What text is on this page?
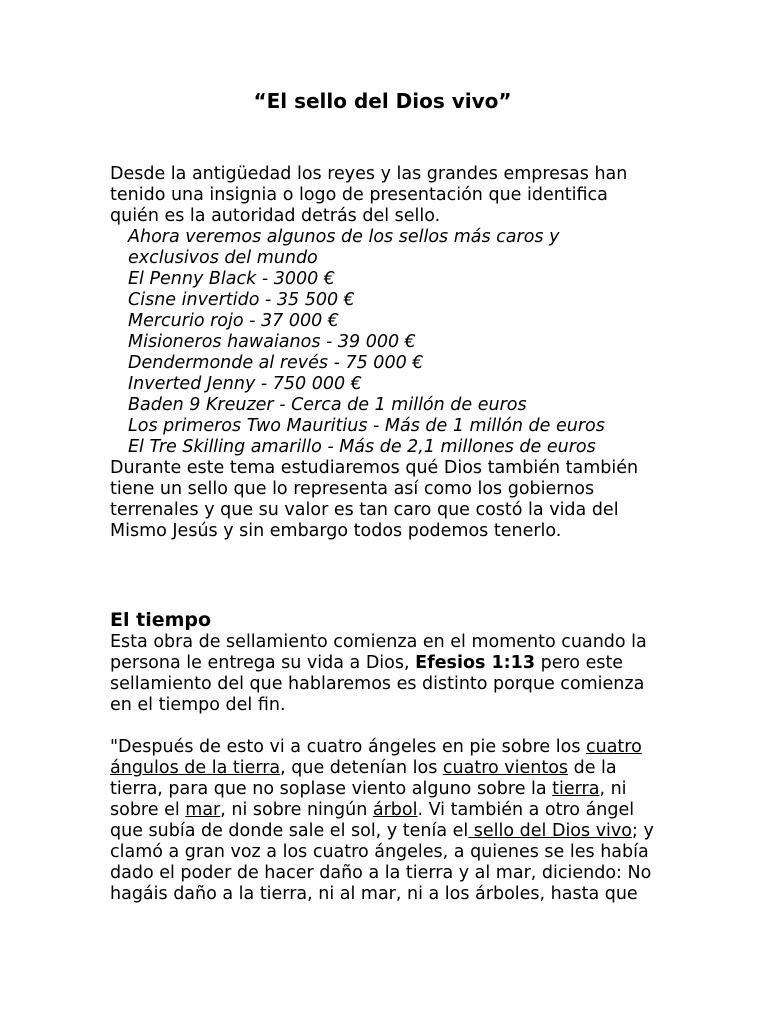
“El sello del Dios vivo”

Desde la antigüedad los reyes y las grandes empresas han tenido una insignia o logo de presentación que identifica quién es la autoridad detrás del sello.

Ahora veremos algunos de los sellos más caros y exclusivos del mundo

El Penny Black - 3000 €

Cisne invertido - 35 500 €

Mercurio rojo - 37 000 €

Misioneros hawaianos - 39 000 €

Dendermonde al revés - 75 000 €

Inverted Jenny - 750 000 €

Baden 9 Kreuzer - Cerca de 1 millón de euros

Los primeros Two Mauritius - Más de 1 millón de euros

El Tre Skilling amarillo - Más de 2,1 millones de euros

Durante este tema estudiaremos qué Dios también también tiene un sello que lo representa así como los gobiernos terrenales y que su valor es tan caro que costó la vida del Mismo Jesús y sin embargo todos podemos tenerlo.

El tiempo

Esta obra de sellamiento comienza en el momento cuando la persona le entrega su vida a Dios, Efesios 1:13 pero este sellamiento del que hablaremos es distinto porque comienza en el tiempo del fin.

"Después de esto vi a cuatro ángeles en pie sobre los cuatro ángulos de la tierra, que detenían los cuatro vientos de la tierra, para que no soplase viento alguno sobre la tierra, ni sobre el mar, ni sobre ningún árbol. Vi también a otro ángel que subía de donde sale el sol, y tenía el sello del Dios vivo; y clamó a gran voz a los cuatro ángeles, a quienes se les había dado el poder de hacer daño a la tierra y al mar, diciendo: No hagáis daño a la tierra, ni al mar, ni a los árboles, hasta que
